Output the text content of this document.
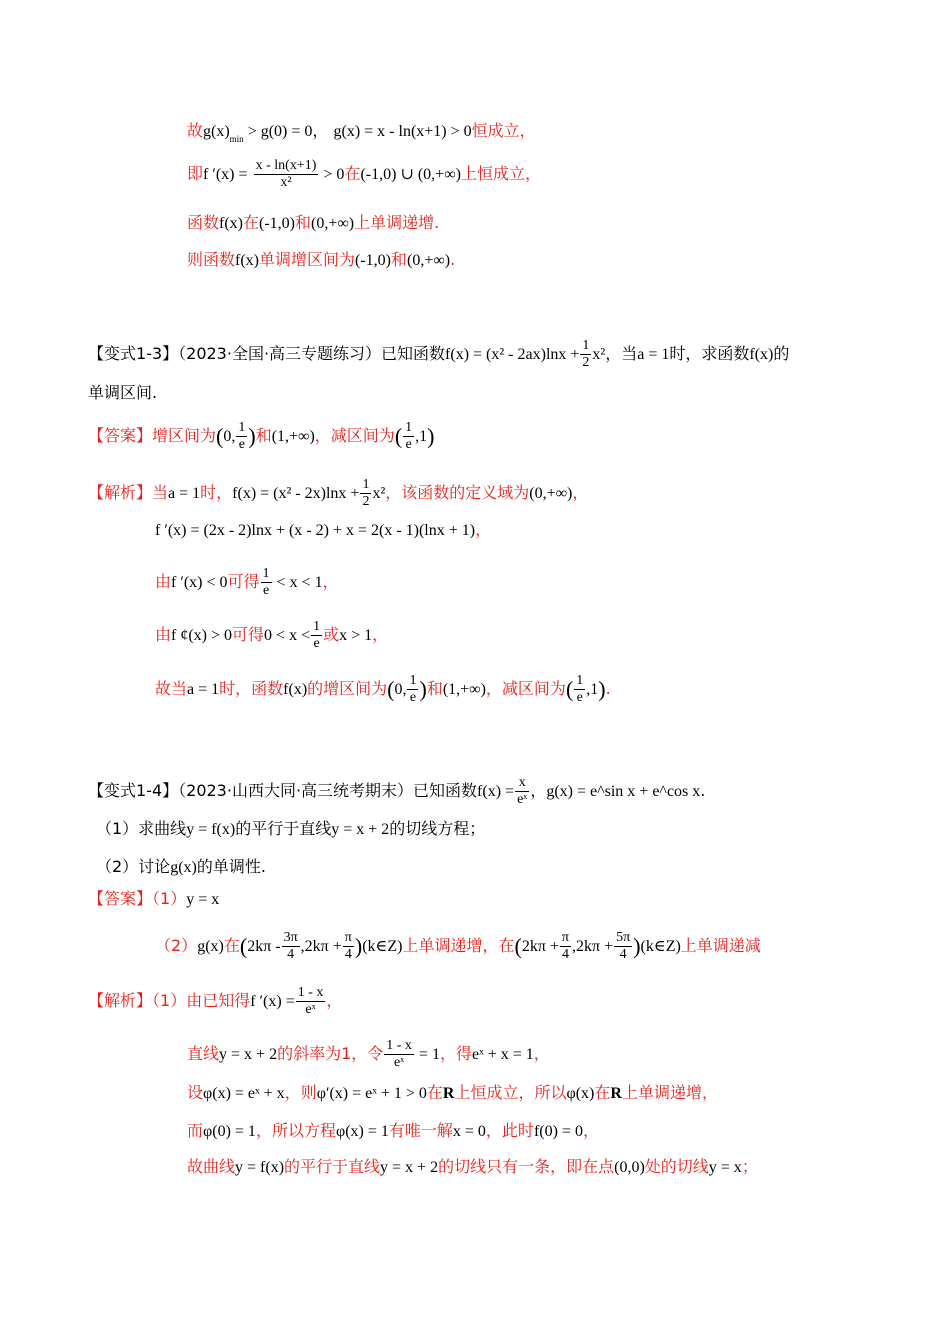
故$g(x)_{min} > g(0) = 0$， g(x) = x - ln(x+1) > 0恒成立，
即f $'(x) = \frac{x - \ln(x+1)}{\text{x²}} > 0$在(-1,0) ∪ (0,+∞)上恒成立，
函数f(x)在(-1,0)和(0,+∞)上单调递增.
则函数f(x)单调增区间为(-1,0)和(0,+∞).
【变式1-3】（2023·全国·高三专题练习）已知函数$f(x) = (x^2 - 2ax)\ln x + \frac{1}{2} x^2$，当a = 1时，求函数f(x)的
单调区间.
【答案】增区间为(0, $\frac{1}{e}$ )和(1,+∞)，减区间为( $\frac{1}{e} ,1$)
【解析】当a = 1时，$f(x) = (x^2 - 2x)\ln x + \frac{1}{2} x^2$，该函数的定义域为(0,+∞)，
f ′(x) = (2x - 2)lnx + (x - 2) + x = 2(x - 1)(lnx + 1)，
由f ′(x) < 0可得 $\frac{1}{e} < x < 1$，
由f ¢(x) > 0可得$0 < x < \frac{1}{e}$ 或x > 1，
故当a = 1时，函数f(x)的增区间为(0, $\frac{1}{e}$ )和(1,+∞)，减区间为( $\frac{1}{e} ,1$).
【变式1-4】（2023·山西大同·高三统考期末）已知函数$f(x) = \frac{x}{\text{eˣ}}$ ，g(x) = e^sin x + e^cos x.
（1）求曲线y = f(x)的平行于直线y = x + 2的切线方程；
（2）讨论g(x)的单调性.
【答案】（1）y = x
（2）g(x)在($2k\pi - \frac{3\pi}{4} ,2k\pi + \frac{\pi}{4}$ )(k∈Z)上单调递增，在($2k\pi + \frac{\pi}{4} ,2k\pi + \frac{5\pi}{4}$ )(k∈Z)上单调递减
【解析】（1）由已知得f $'(x) = \frac{1 - x}{\text{eˣ}}$ ，
直线y = x + 2的斜率为1，令 $\frac{1 - x}{\text{eˣ}} = 1$，得eˣ + x = 1，
设φ(x) = eˣ + x，则φ′(x) = eˣ + 1 > 0在R上恒成立，所以φ(x)在R上单调递增，
而φ(0) = 1，所以方程φ(x) = 1有唯一解x = 0，此时f(0) = 0，
故曲线y = f(x)的平行于直线y = x + 2的切线只有一条，即在点(0,0)处的切线y = x；
